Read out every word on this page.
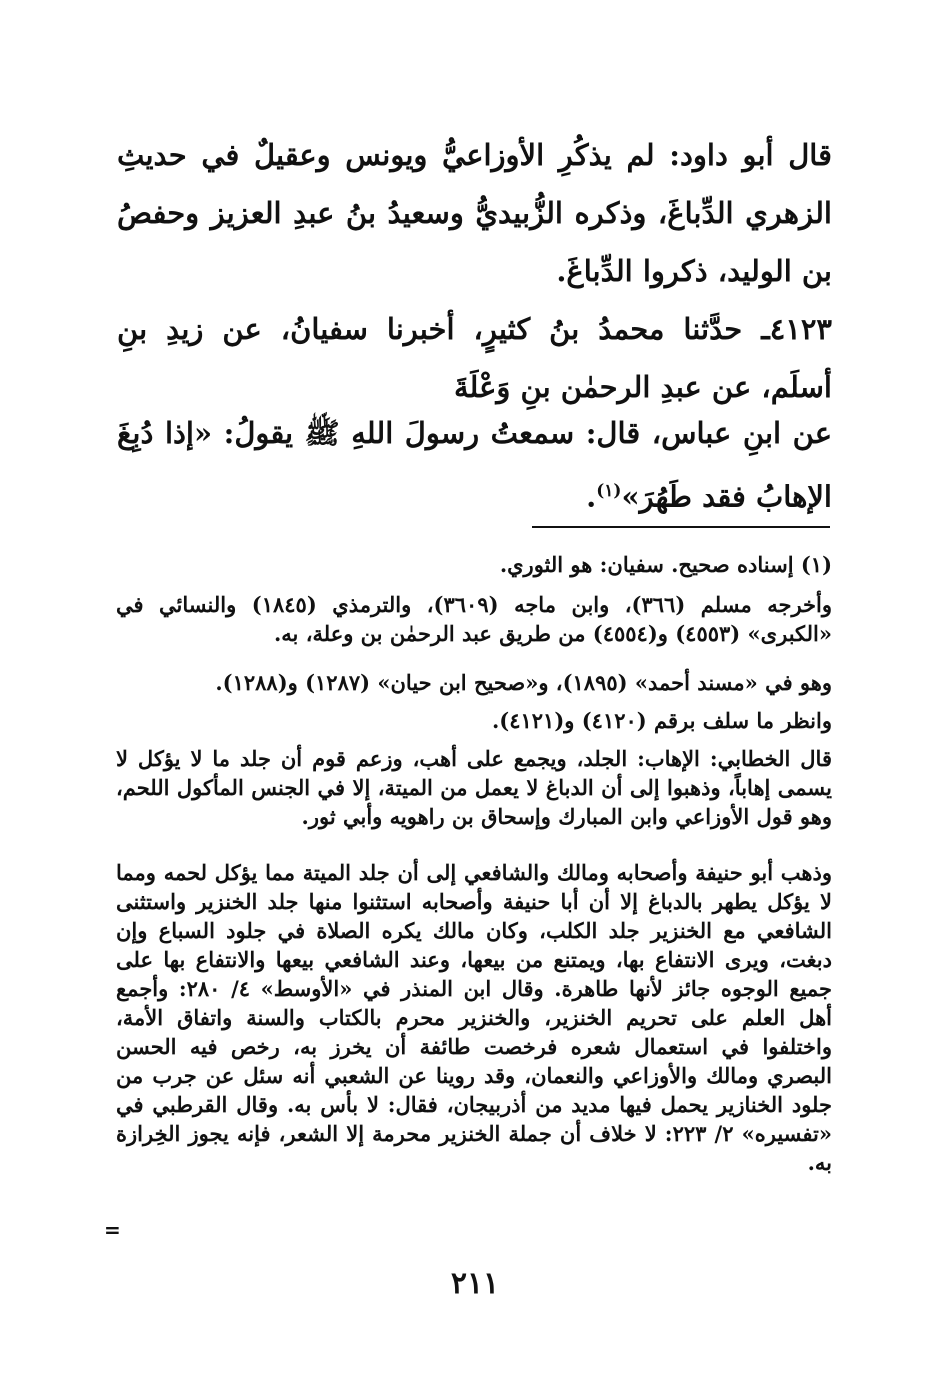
قال أبو داود: لم يذكُرِ الأوزاعيُّ ويونس وعقيلٌ في حديثِ الزهري الدِّباغَ، وذكره الزُّبيديُّ وسعيدُ بنُ عبدِ العزيز وحفصُ بن الوليد، ذكروا الدِّباغَ.

٤١٢٣ـ حدَّثنا محمدُ بنُ كثيرٍ، أخبرنا سفيانُ، عن زيدِ بنِ أسلَم، عن عبدِ الرحمٰن بنِ وَعْلَةَ

عن ابنِ عباس، قال: سمعتُ رسولَ اللهِ ﷺ يقولُ: «إذا دُبِغَ الإهابُ فقد طَهُرَ»$^{(١)}$.

(١) إسناده صحيح. سفيان: هو الثوري.

وأخرجه مسلم (٣٦٦)، وابن ماجه (٣٦٠٩)، والترمذي (١٨٤٥) والنسائي في «الكبرى» (٤٥٥٣) و(٤٥٥٤) من طريق عبد الرحمٰن بن وعلة، به.

وهو في «مسند أحمد» (١٨٩٥)، و«صحيح ابن حيان» (١٢٨٧) و(١٢٨٨).

وانظر ما سلف برقم (٤١٢٠) و(٤١٢١).

قال الخطابي: الإهاب: الجلد، ويجمع على أهب، وزعم قوم أن جلد ما لا يؤكل لا يسمى إهاباً، وذهبوا إلى أن الدباغ لا يعمل من الميتة، إلا في الجنس المأكول اللحم، وهو قول الأوزاعي وابن المبارك وإسحاق بن راهويه وأبي ثور.

وذهب أبو حنيفة وأصحابه ومالك والشافعي إلى أن جلد الميتة مما يؤكل لحمه ومما لا يؤكل يطهر بالدباغ إلا أن أبا حنيفة وأصحابه استثنوا منها جلد الخنزير واستثنى الشافعي مع الخنزير جلد الكلب، وكان مالك يكره الصلاة في جلود السباع وإن دبغت، ويرى الانتفاع بها، ويمتنع من بيعها، وعند الشافعي بيعها والانتفاع بها على جميع الوجوه جائز لأنها طاهرة. وقال ابن المنذر في «الأوسط» ٤/ ٢٨٠: وأجمع أهل العلم على تحريم الخنزير، والخنزير محرم بالكتاب والسنة واتفاق الأمة، واختلفوا في استعمال شعره فرخصت طائفة أن يخرز به، رخص فيه الحسن البصري ومالك والأوزاعي والنعمان، وقد روينا عن الشعبي أنه سئل عن جرب من جلود الخنازير يحمل فيها مديد من أذربيجان، فقال: لا بأس به. وقال القرطبي في «تفسيره» ٢/ ٢٢٣: لا خلاف أن جملة الخنزير محرمة إلا الشعر، فإنه يجوز الخِرازة به.

=
٢١١
